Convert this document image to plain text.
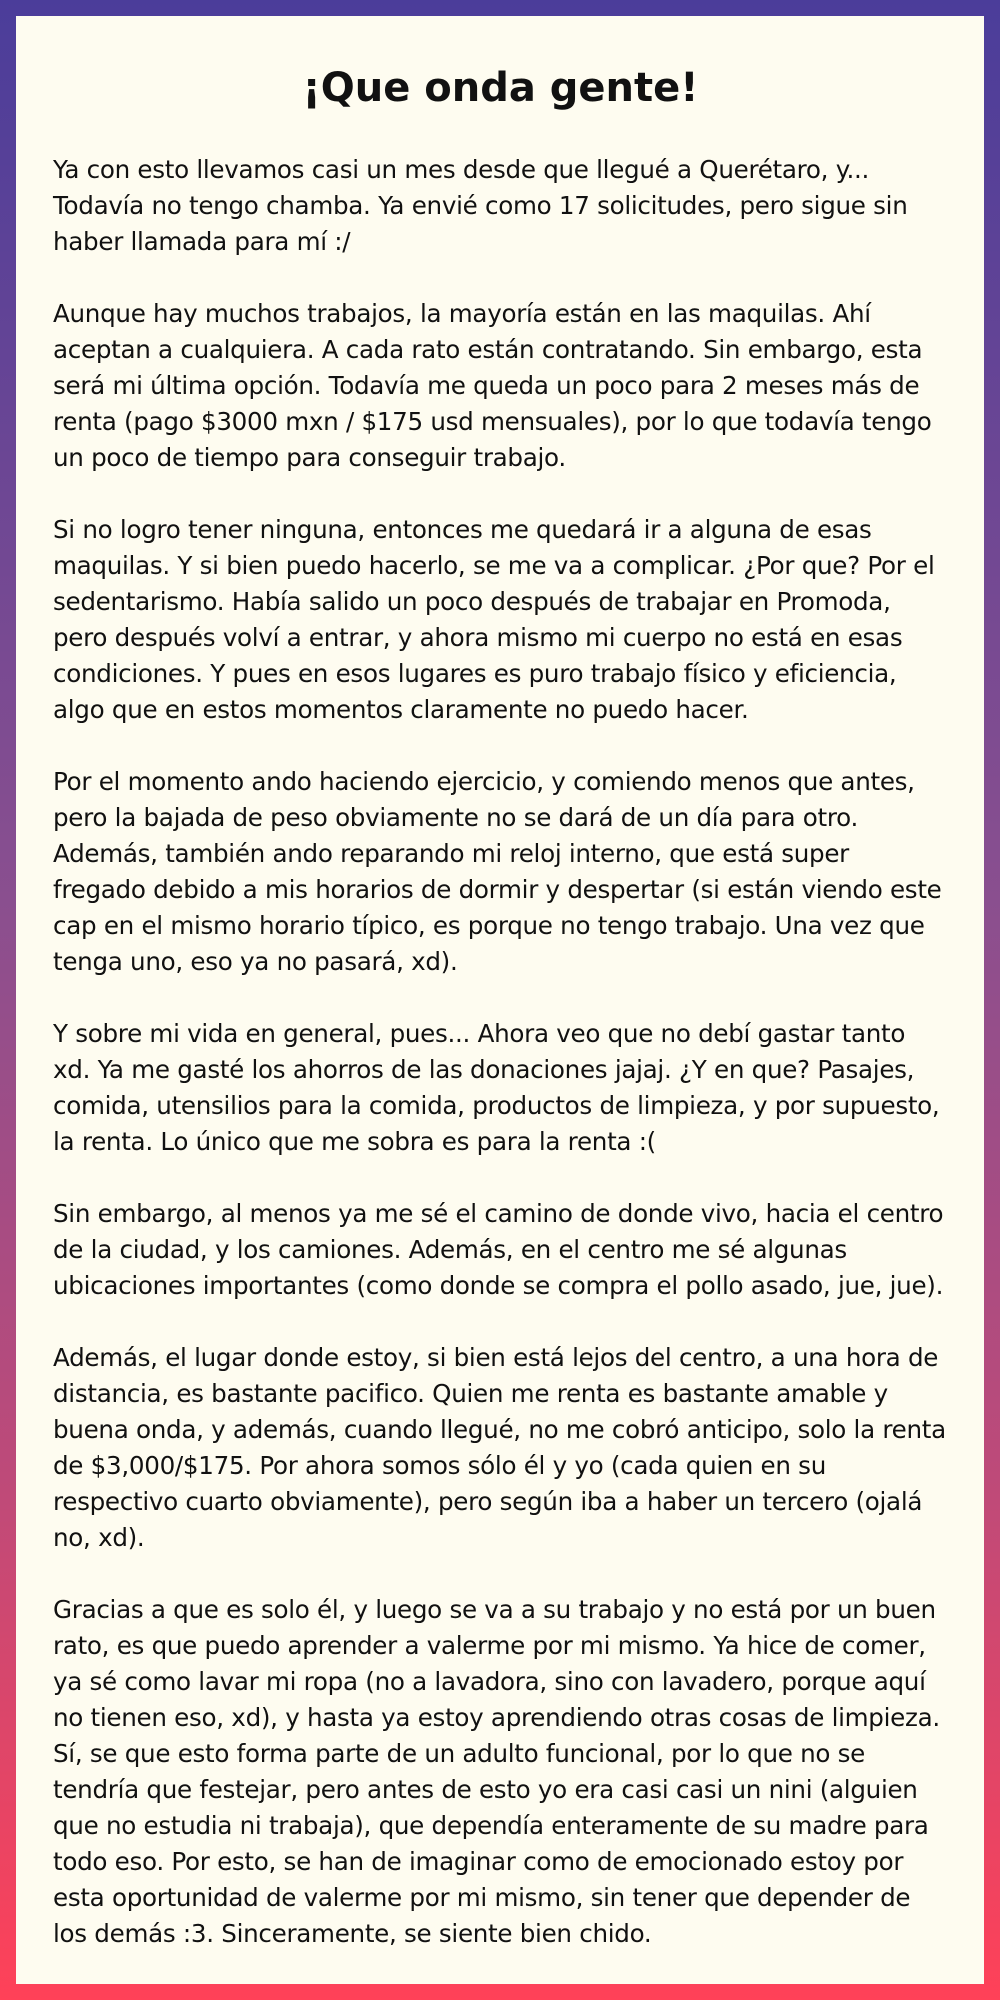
¡Que onda gente!

Ya con esto llevamos casi un mes desde que llegué a Querétaro, y... Todavía no tengo chamba. Ya envié como 17 solicitudes, pero sigue sin haber llamada para mí :/

Aunque hay muchos trabajos, la mayoría están en las maquilas. Ahí aceptan a cualquiera. A cada rato están contratando. Sin embargo, esta será mi última opción. Todavía me queda un poco para 2 meses más de renta (pago $3000 mxn / $175 usd mensuales), por lo que todavía tengo un poco de tiempo para conseguir trabajo.

Si no logro tener ninguna, entonces me quedará ir a alguna de esas maquilas. Y si bien puedo hacerlo, se me va a complicar. ¿Por que? Por el sedentarismo. Había salido un poco después de trabajar en Promoda, pero después volví a entrar, y ahora mismo mi cuerpo no está en esas condiciones. Y pues en esos lugares es puro trabajo físico y eficiencia, algo que en estos momentos claramente no puedo hacer.

Por el momento ando haciendo ejercicio, y comiendo menos que antes, pero la bajada de peso obviamente no se dará de un día para otro. Además, también ando reparando mi reloj interno, que está super fregado debido a mis horarios de dormir y despertar (si están viendo este cap en el mismo horario típico, es porque no tengo trabajo. Una vez que tenga uno, eso ya no pasará, xd).

Y sobre mi vida en general, pues... Ahora veo que no debí gastar tanto xd. Ya me gasté los ahorros de las donaciones jajaj. ¿Y en que? Pasajes, comida, utensilios para la comida, productos de limpieza, y por supuesto, la renta. Lo único que me sobra es para la renta :(

Sin embargo, al menos ya me sé el camino de donde vivo, hacia el centro de la ciudad, y los camiones. Además, en el centro me sé algunas ubicaciones importantes (como donde se compra el pollo asado, jue, jue).

Además, el lugar donde estoy, si bien está lejos del centro, a una hora de distancia, es bastante pacifico. Quien me renta es bastante amable y buena onda, y además, cuando llegué, no me cobró anticipo, solo la renta de $3,000/$175. Por ahora somos sólo él y yo (cada quien en su respectivo cuarto obviamente), pero según iba a haber un tercero (ojalá no, xd).

Gracias a que es solo él, y luego se va a su trabajo y no está por un buen rato, es que puedo aprender a valerme por mi mismo. Ya hice de comer, ya sé como lavar mi ropa (no a lavadora, sino con lavadero, porque aquí no tienen eso, xd), y hasta ya estoy aprendiendo otras cosas de limpieza. Sí, se que esto forma parte de un adulto funcional, por lo que no se tendría que festejar, pero antes de esto yo era casi casi un nini (alguien que no estudia ni trabaja), que dependía enteramente de su madre para todo eso. Por esto, se han de imaginar como de emocionado estoy por esta oportunidad de valerme por mi mismo, sin tener que depender de los demás :3. Sinceramente, se siente bien chido.
